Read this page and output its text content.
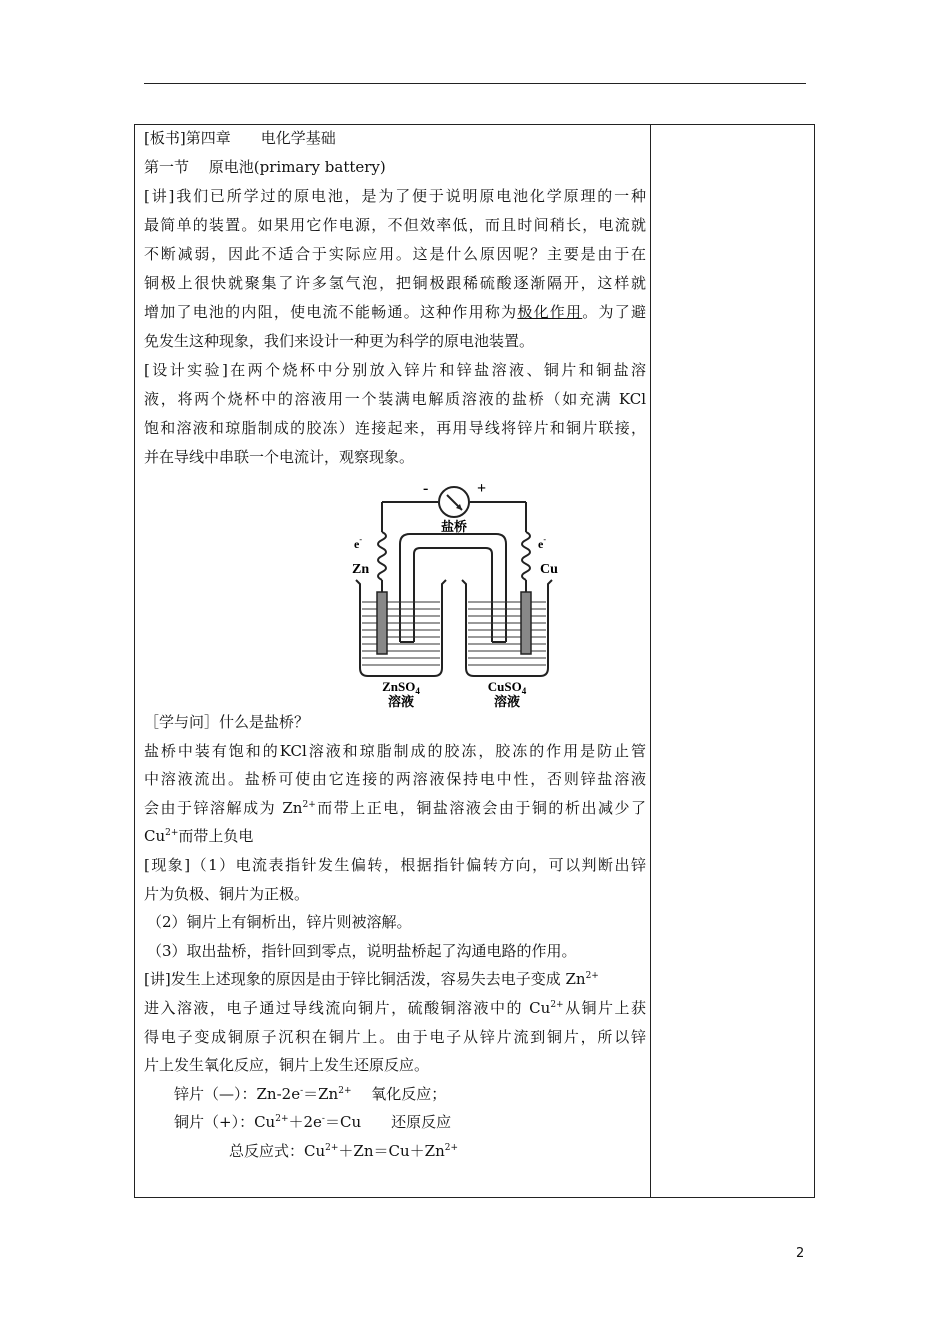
[板书]第四章　　电化学基础
第一节　 原电池(primary battery)
[讲]我们已所学过的原电池，是为了便于说明原电池化学原理的一种
最简单的装置。如果用它作电源，不但效率低，而且时间稍长，电流就
不断减弱，因此不适合于实际应用。这是什么原因呢？主要是由于在
铜极上很快就聚集了许多氢气泡，把铜极跟稀硫酸逐渐隔开，这样就
增加了电池的内阻，使电流不能畅通。这种作用称为极化作用。为了避
免发生这种现象，我们来设计一种更为科学的原电池装置。
[设计实验]在两个烧杯中分别放入锌片和锌盐溶液、铜片和铜盐溶
液，将两个烧杯中的溶液用一个装满电解质溶液的盐桥（如充满 KCl
饱和溶液和琼脂制成的胶冻）连接起来，再用导线将锌片和铜片联接，
并在导线中串联一个电流计，观察现象。
-	+
e-	e-
盐桥
Zn	Cu
ZnSO$_4$	CuSO$_4$
溶液	溶液
［学与问］什么是盐桥？
盐桥中装有饱和的KCl溶液和琼脂制成的胶冻，胶冻的作用是防止管
中溶液流出。盐桥可使由它连接的两溶液保持电中性，否则锌盐溶液
会由于锌溶解成为 $Zn^{2+}$而带上正电，铜盐溶液会由于铜的析出减少了
$Cu^{2+}$而带上负电
[现象]（1）电流表指针发生偏转，根据指针偏转方向，可以判断出锌
片为负极、铜片为正极。
（2）铜片上有铜析出，锌片则被溶解。
（3）取出盐桥，指针回到零点，说明盐桥起了沟通电路的作用。
[讲]发生上述现象的原因是由于锌比铜活泼，容易失去电子变成 $Zn^{2+}$
进入溶液，电子通过导线流向铜片，硫酸铜溶液中的 $Cu^{2+}$从铜片上获
得电子变成铜原子沉积在铜片上。由于电子从锌片流到铜片，所以锌
片上发生氧化反应，铜片上发生还原反应。
锌片（—）：$Zn-2e^-=Zn^{2+}$　 氧化反应；
铜片（+）：$Cu^{2+}+2e^-=Cu$　　还原反应
总反应式：$Cu^{2+}+Zn=Cu+Zn^{2+}$
2
